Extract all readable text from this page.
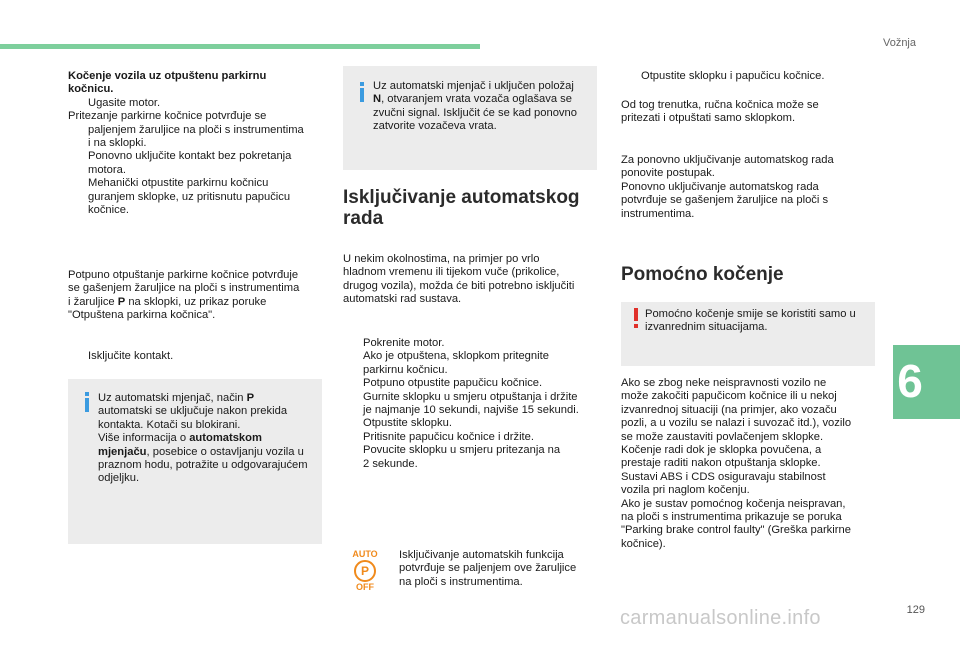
Vožnja
6
129
Kočenje vozila uz otpuštenu parkirnu
kočnicu.
Ugasite motor.
Pritezanje parkirne kočnice potvrđuje se
paljenjem žaruljice na ploči s instrumentima
i na sklopki.
Ponovno uključite kontakt bez pokretanja
motora.
Mehanički otpustite parkirnu kočnicu
guranjem sklopke, uz pritisnutu papučicu
kočnice.
Potpuno otpuštanje parkirne kočnice potvrđuje
se gašenjem žaruljice na ploči s instrumentima
i žaruljice P na sklopki, uz prikaz poruke
"Otpuštena parkirna kočnica".
Isključite kontakt.
Uz automatski mjenjač, način P
automatski se uključuje nakon prekida
kontakta. Kotači su blokirani.
Više informacija o automatskom
mjenjaču, posebice o ostavljanju vozila u
praznom hodu, potražite u odgovarajućem
odjeljku.
Uz automatski mjenjač i uključen položaj
N, otvaranjem vrata vozača oglašava se
zvučni signal. Isključit će se kad ponovno
zatvorite vozačeva vrata.
Isključivanje automatskog
rada
U nekim okolnostima, na primjer po vrlo
hladnom vremenu ili tijekom vuče (prikolice,
drugog vozila), možda će biti potrebno isključiti
automatski rad sustava.
Pokrenite motor.
Ako je otpuštena, sklopkom pritegnite
parkirnu kočnicu.
Potpuno otpustite papučicu kočnice.
Gurnite sklopku u smjeru otpuštanja i držite
je najmanje 10 sekundi, najviše 15 sekundi.
Otpustite sklopku.
Pritisnite papučicu kočnice i držite.
Povucite sklopku u smjeru pritezanja na
2 sekunde.
AUTO
P
OFF
Isključivanje automatskih funkcija
potvrđuje se paljenjem ove žaruljice
na ploči s instrumentima.
Otpustite sklopku i papučicu kočnice.
Od tog trenutka, ručna kočnica može se
pritezati i otpuštati samo sklopkom.
Za ponovno uključivanje automatskog rada
ponovite postupak.
Ponovno uključivanje automatskog rada
potvrđuje se gašenjem žaruljice na ploči s
instrumentima.
Pomoćno kočenje
Pomoćno kočenje smije se koristiti samo u
izvanrednim situacijama.
Ako se zbog neke neispravnosti vozilo ne
može zakočiti papučicom kočnice ili u nekoj
izvanrednoj situaciji (na primjer, ako vozaču
pozli, a u vozilu se nalazi i suvozač itd.), vozilo
se može zaustaviti povlačenjem sklopke.
Kočenje radi dok je sklopka povučena, a
prestaje raditi nakon otpuštanja sklopke.
Sustavi ABS i CDS osiguravaju stabilnost
vozila pri naglom kočenju.
Ako je sustav pomoćnog kočenja neispravan,
na ploči s instrumentima prikazuje se poruka
"Parking brake control faulty" (Greška parkirne
kočnice).
carmanualsonline.info
